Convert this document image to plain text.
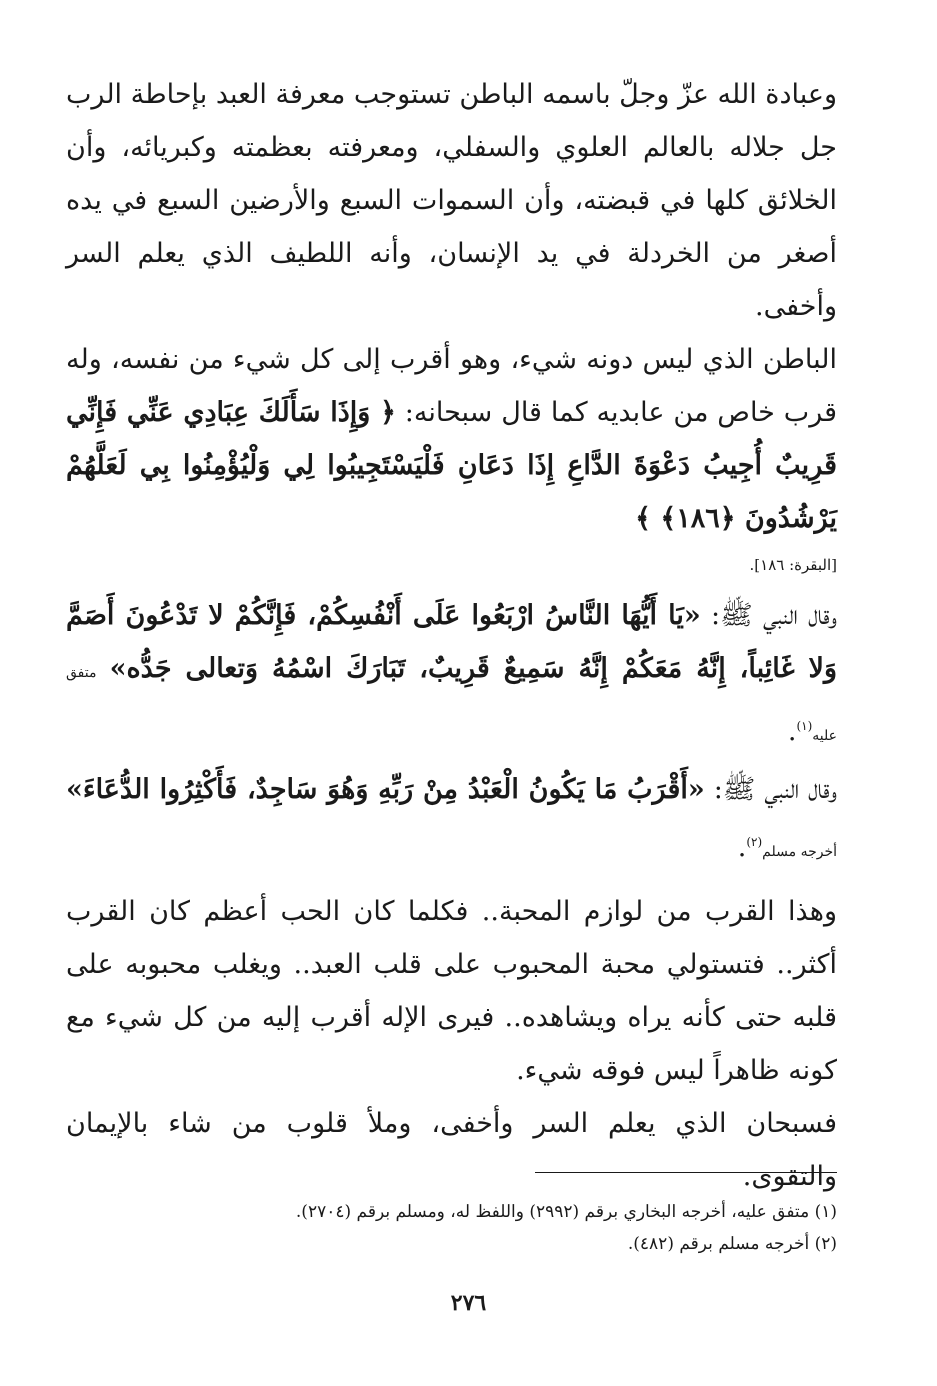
وعبادة الله عزّ وجلّ باسمه الباطن تستوجب معرفة العبد بإحاطة الرب جل جلاله بالعالم العلوي والسفلي، ومعرفته بعظمته وكبريائه، وأن الخلائق كلها في قبضته، وأن السموات السبع والأرضين السبع في يده أصغر من الخردلة في يد الإنسان، وأنه اللطيف الذي يعلم السر وأخفى.

الباطن الذي ليس دونه شيء، وهو أقرب إلى كل شيء من نفسه، وله قرب خاص من عابديه كما قال سبحانه: ﴿ وَإِذَا سَأَلَكَ عِبَادِي عَنِّي فَإِنِّي قَرِيبٌ أُجِيبُ دَعْوَةَ الدَّاعِ إِذَا دَعَانِ فَلْيَسْتَجِيبُوا لِي وَلْيُؤْمِنُوا بِي لَعَلَّهُمْ يَرْشُدُونَ ﴿١٨٦﴾ ﴾
[البقرة: ١٨٦].

وقال النبي ﷺ: «يَا أَيُّهَا النَّاسُ ارْبَعُوا عَلَى أَنْفُسِكُمْ، فَإِنَّكُمْ لا تَدْعُونَ أَصَمَّ وَلا غَائِباً، إِنَّهُ مَعَكُمْ إِنَّهُ سَمِيعٌ قَرِيبٌ، تَبَارَكَ اسْمُهُ وَتعالى جَدُّه» متفق عليه$^{(١)}$.

وقال النبي ﷺ: «أَقْرَبُ مَا يَكُونُ الْعَبْدُ مِنْ رَبِّهِ وَهُوَ سَاجِدٌ، فَأَكْثِرُوا الدُّعَاءَ» أخرجه مسلم$^{(٢)}$.

وهذا القرب من لوازم المحبة.. فكلما كان الحب أعظم كان القرب أكثر.. فتستولي محبة المحبوب على قلب العبد.. ويغلب محبوبه على قلبه حتى كأنه يراه ويشاهده.. فيرى الإله أقرب إليه من كل شيء مع كونه ظاهراً ليس فوقه شيء.

فسبحان الذي يعلم السر وأخفى، وملأ قلوب من شاء بالإيمان والتقوى.

(١) متفق عليه، أخرجه البخاري برقم (٢٩٩٢) واللفظ له، ومسلم برقم (٢٧٠٤).
(٢) أخرجه مسلم برقم (٤٨٢).
٢٧٦
